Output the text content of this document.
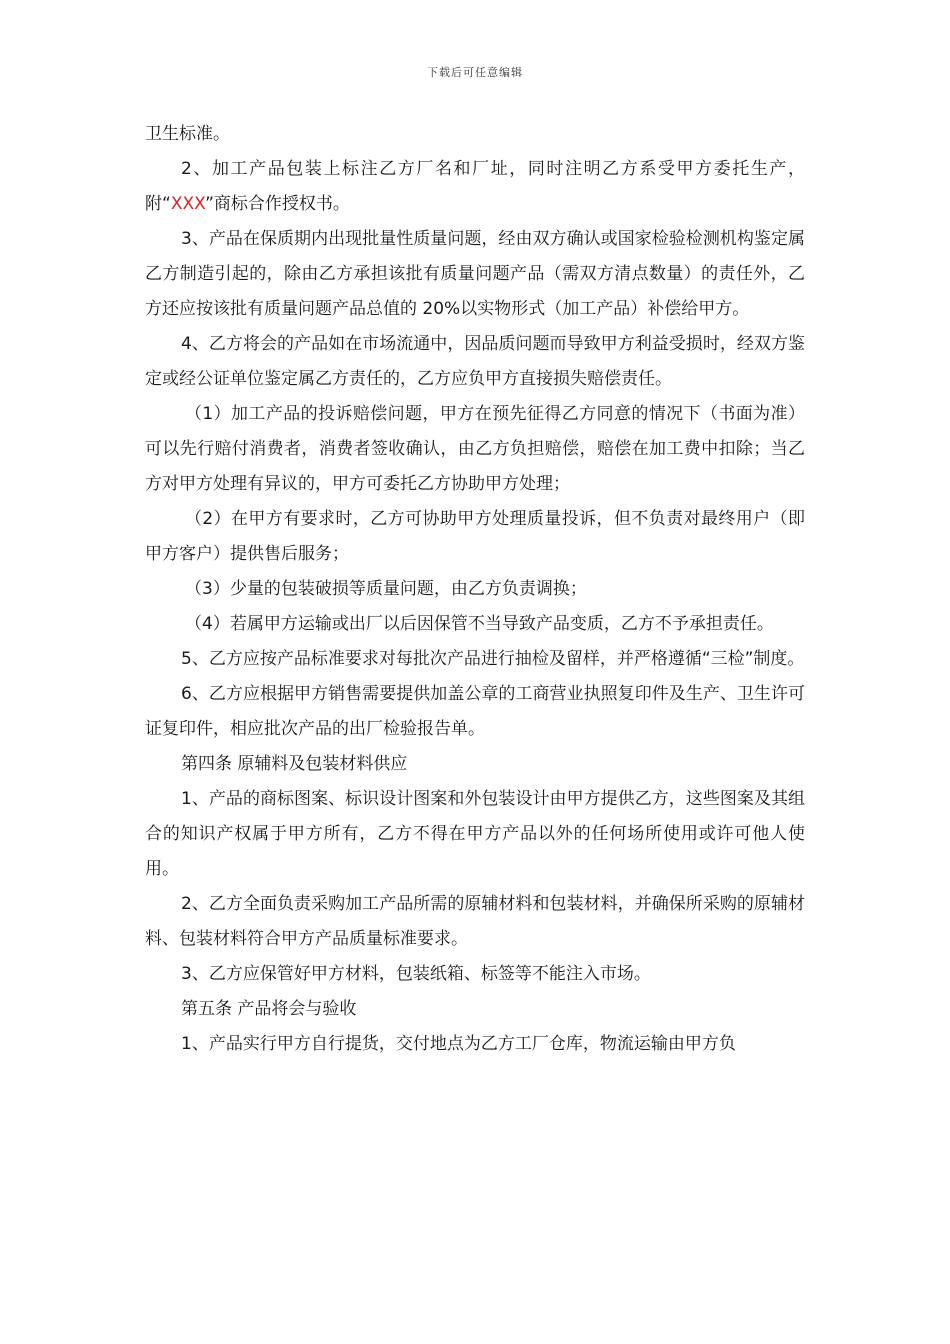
下载后可任意编辑

卫生标准。

2、加工产品包装上标注乙方厂名和厂址，同时注明乙方系受甲方委托生产，附“XXX”商标合作授权书。

3、产品在保质期内出现批量性质量问题，经由双方确认或国家检验检测机构鉴定属乙方制造引起的，除由乙方承担该批有质量问题产品（需双方清点数量）的责任外，乙方还应按该批有质量问题产品总值的 20%以实物形式（加工产品）补偿给甲方。

4、乙方将会的产品如在市场流通中，因品质问题而导致甲方利益受损时，经双方鉴定或经公证单位鉴定属乙方责任的，乙方应负甲方直接损失赔偿责任。

（1）加工产品的投诉赔偿问题，甲方在预先征得乙方同意的情况下（书面为准）可以先行赔付消费者，消费者签收确认，由乙方负担赔偿，赔偿在加工费中扣除；当乙方对甲方处理有异议的，甲方可委托乙方协助甲方处理；

（2）在甲方有要求时，乙方可协助甲方处理质量投诉，但不负责对最终用户（即甲方客户）提供售后服务；

（3）少量的包装破损等质量问题，由乙方负责调换；

（4）若属甲方运输或出厂以后因保管不当导致产品变质，乙方不予承担责任。

5、乙方应按产品标准要求对每批次产品进行抽检及留样，并严格遵循“三检”制度。

6、乙方应根据甲方销售需要提供加盖公章的工商营业执照复印件及生产、卫生许可证复印件，相应批次产品的出厂检验报告单。

第四条 原辅料及包装材料供应

1、产品的商标图案、标识设计图案和外包装设计由甲方提供乙方，这些图案及其组合的知识产权属于甲方所有，乙方不得在甲方产品以外的任何场所使用或许可他人使用。

2、乙方全面负责采购加工产品所需的原辅材料和包装材料，并确保所采购的原辅材料、包装材料符合甲方产品质量标准要求。

3、乙方应保管好甲方材料，包装纸箱、标签等不能注入市场。

第五条 产品将会与验收

1、产品实行甲方自行提货，交付地点为乙方工厂仓库，物流运输由甲方负
